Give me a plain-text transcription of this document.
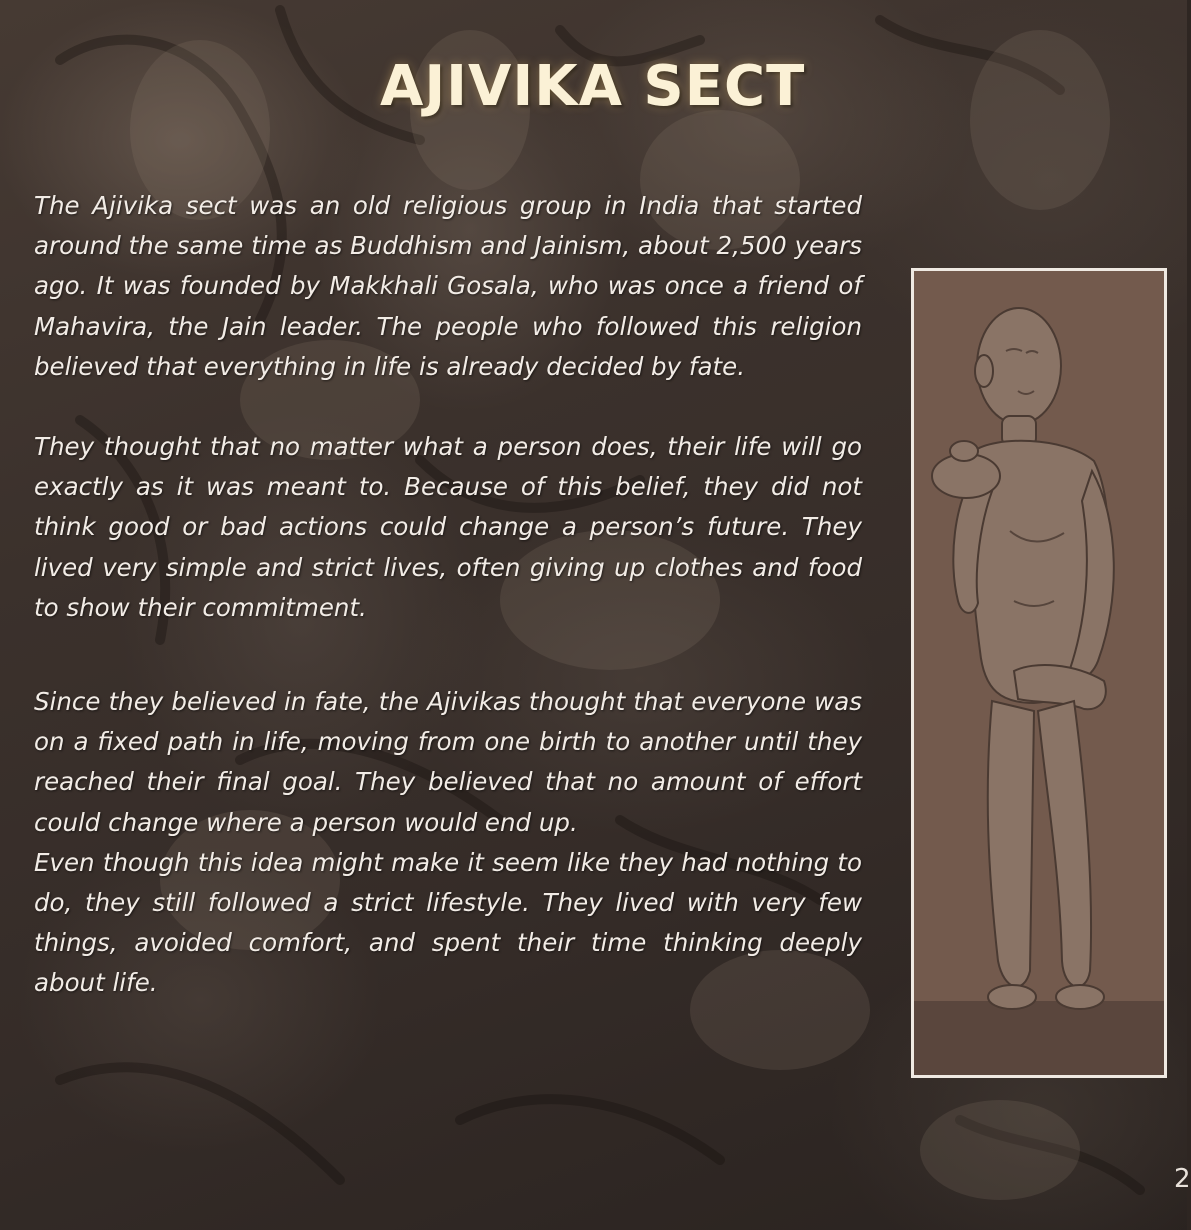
AJIVIKA SECT

The Ajivika sect was an old religious group in India that started around the same time as Buddhism and Jainism, about 2,500 years ago. It was founded by Makkhali Gosala, who was once a friend of Mahavira, the Jain leader. The people who followed this religion believed that everything in life is already decided by fate.

They thought that no matter what a person does, their life will go exactly as it was meant to. Because of this belief, they did not think good or bad actions could change a person’s future. They lived very simple and strict lives, often giving up clothes and food to show their commitment.

Since they believed in fate, the Ajivikas thought that everyone was on a fixed path in life, moving from one birth to another until they reached their final goal. They believed that no amount of effort could change where a person would end up.

Even though this idea might make it seem like they had nothing to do, they still followed a strict lifestyle. They lived with very few things, avoided comfort, and spent their time thinking deeply about life.

2
